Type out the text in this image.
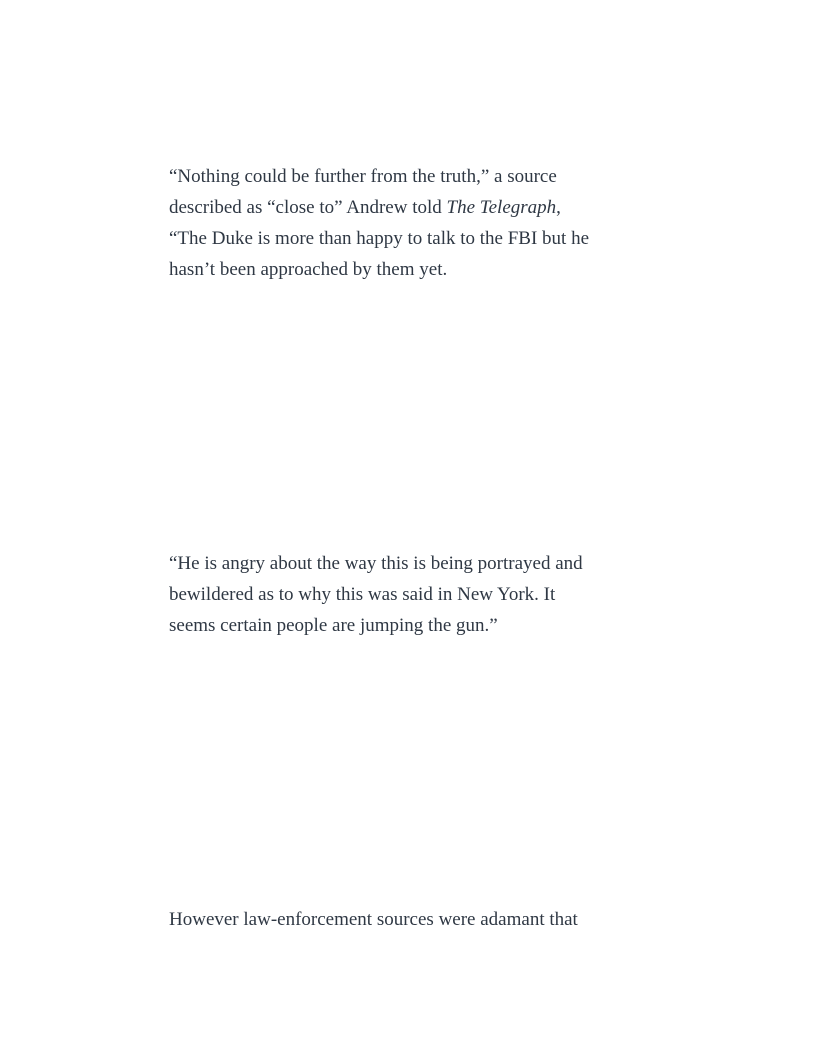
“Nothing could be further from the truth,” a source
described as “close to” Andrew told The Telegraph,
“The Duke is more than happy to talk to the FBI but he
hasn’t been approached by them yet.

“He is angry about the way this is being portrayed and
bewildered as to why this was said in New York. It
seems certain people are jumping the gun.”

However law-enforcement sources were adamant that
